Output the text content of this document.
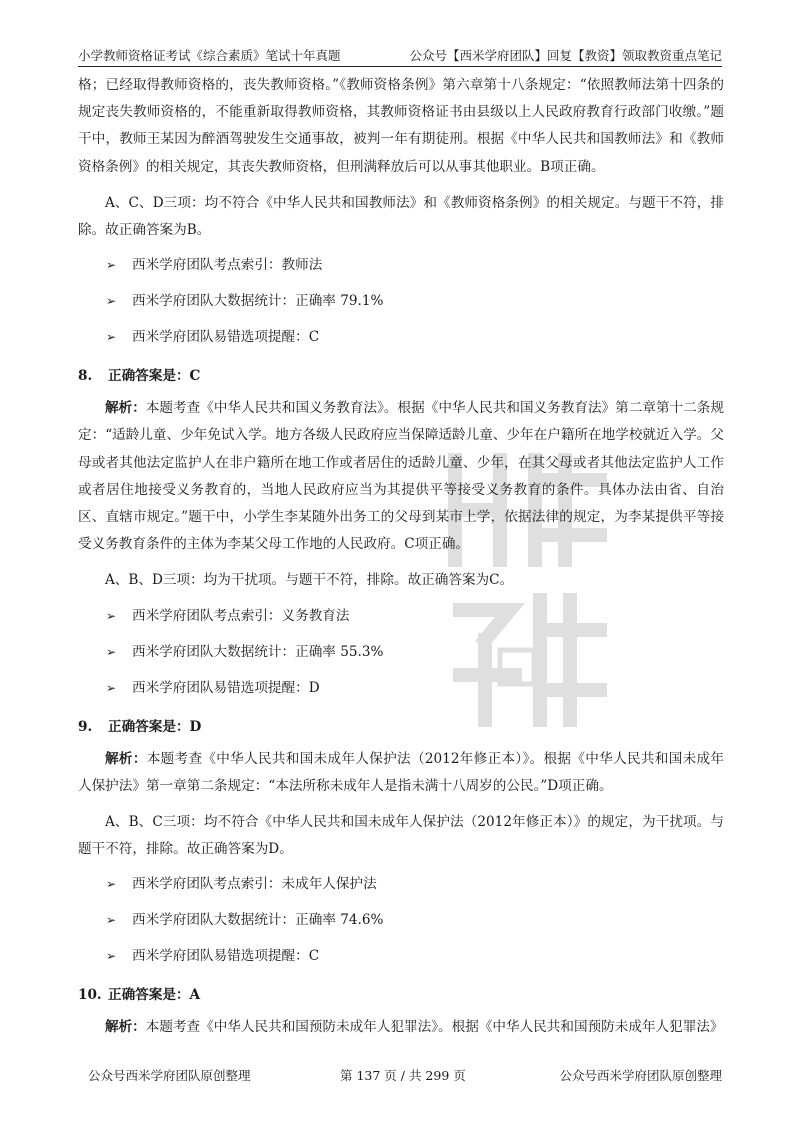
小学教师资格证考试《综合素质》笔试十年真题	公众号【西米学府团队】回复【教资】领取教资重点笔记

格；已经取得教师资格的，丧失教师资格。”《教师资格条例》第六章第十八条规定：“依照教师法第十四条的规定丧失教师资格的，不能重新取得教师资格，其教师资格证书由县级以上人民政府教育行政部门收缴。”题干中，教师王某因为醉酒驾驶发生交通事故，被判一年有期徒刑。根据《中华人民共和国教师法》和《教师资格条例》的相关规定，其丧失教师资格，但刑满释放后可以从事其他职业。B项正确。

A、C、D三项：均不符合《中华人民共和国教师法》和《教师资格条例》的相关规定。与题干不符，排除。故正确答案为B。

➢ 西米学府团队考点索引：教师法
➢ 西米学府团队大数据统计：正确率 79.1%
➢ 西米学府团队易错选项提醒：C
8. 正确答案是：C

解析：本题考查《中华人民共和国义务教育法》。根据《中华人民共和国义务教育法》第二章第十二条规定：“适龄儿童、少年免试入学。地方各级人民政府应当保障适龄儿童、少年在户籍所在地学校就近入学。父母或者其他法定监护人在非户籍所在地工作或者居住的适龄儿童、少年，在其父母或者其他法定监护人工作或者居住地接受义务教育的，当地人民政府应当为其提供平等接受义务教育的条件。具体办法由省、自治区、直辖市规定。”题干中，小学生李某随外出务工的父母到某市上学，依据法律的规定，为李某提供平等接受义务教育条件的主体为李某父母工作地的人民政府。C项正确。

A、B、D三项：均为干扰项。与题干不符，排除。故正确答案为C。

➢ 西米学府团队考点索引：义务教育法
➢ 西米学府团队大数据统计：正确率 55.3%
➢ 西米学府团队易错选项提醒：D
9. 正确答案是：D

解析：本题考查《中华人民共和国未成年人保护法（2012年修正本）》。根据《中华人民共和国未成年人保护法》第一章第二条规定：“本法所称未成年人是指未满十八周岁的公民。”D项正确。

A、B、C三项：均不符合《中华人民共和国未成年人保护法（2012年修正本）》的规定，为干扰项。与题干不符，排除。故正确答案为D。

➢ 西米学府团队考点索引：未成年人保护法
➢ 西米学府团队大数据统计：正确率 74.6%
➢ 西米学府团队易错选项提醒：C
10. 正确答案是：A

解析：本题考查《中华人民共和国预防未成年人犯罪法》。根据《中华人民共和国预防未成年人犯罪法》

公众号西米学府团队原创整理	第 137 页 / 共 299 页	公众号西米学府团队原创整理
